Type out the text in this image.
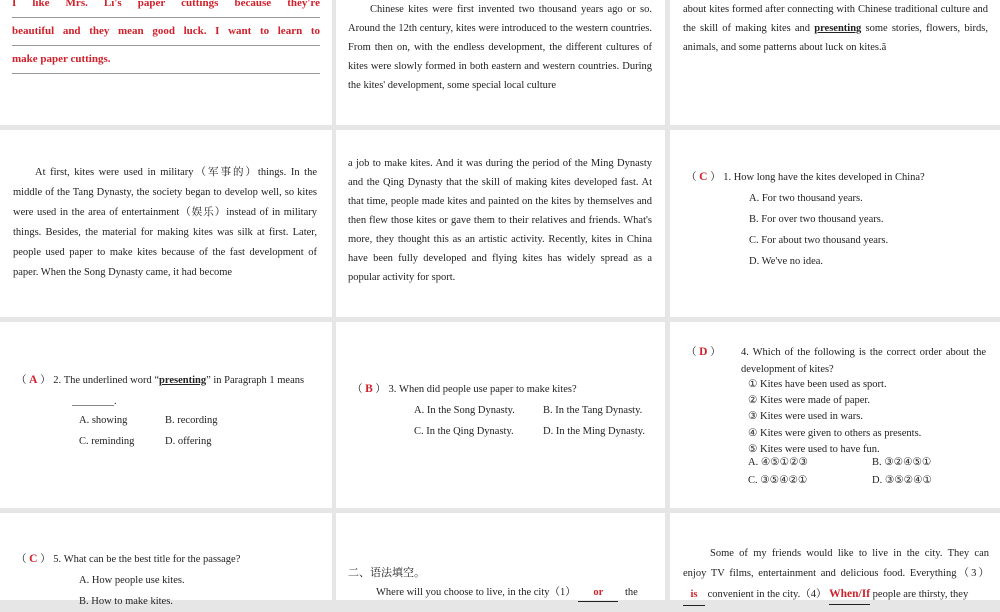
I like Mrs. Li's paper cuttings because they're
beautiful and they mean good luck. I want to learn to
make paper cuttings.

Chinese kites were first invented two thousand years ago or so. Around the 12th century, kites were introduced to the western countries. From then on, with the endless development, the different cultures of kites were slowly formed in both eastern and western countries. During the kites' development, some special local culture

about kites formed after connecting with Chinese traditional culture and the skill of making kites and presenting some stories, flowers, birds, animals, and some patterns about luck on kites.ã

At first, kites were used in military（军事的）things. In the middle of the Tang Dynasty, the society began to develop well, so kites were used in the area of entertainment（娱乐）instead of in military things. Besides, the material for making kites was silk at first. Later, people used paper to make kites because of the fast development of paper. When the Song Dynasty came, it had become

a job to make kites. And it was during the period of the Ming Dynasty and the Qing Dynasty that the skill of making kites developed fast. At that time, people made kites and painted on the kites by themselves and then flew those kites or gave them to their relatives and friends. What's more, they thought this as an artistic activity. Recently, kites in China have been fully developed and flying kites has widely spread as a popular activity for sport.

（ C ） 1. How long have the kites developed in China?
A. For two thousand years.
B. For over two thousand years.
C. For about two thousand years.
D. We've no idea.
（ A ） 2. The underlined word “presenting” in Paragraph 1 means
________.
A. showing	B. recording
C. reminding	D. offering
（ B ） 3. When did people use paper to make kites?
A. In the Song Dynasty.	B. In the Tang Dynasty.
C. In the Qing Dynasty.	D. In the Ming Dynasty.
（ D ）	4. Which of the following is the correct order about the development of kites?
① Kites have been used as sport.
② Kites were made of paper.
③ Kites were used in wars.
④ Kites were given to others as presents.
⑤ Kites were used to have fun.
A. ④⑤①②③	B. ③②④⑤①
C. ③⑤④②①	D. ③⑤②④①
（ C ） 5. What can be the best title for the passage?
A. How people use kites.
B. How to make kites.
二、语法填空。
Where will you choose to live, in the city（1） or the
Some of my friends would like to live in the city. They can
enjoy TV films, entertainment and delicious food. Everything（3）
is convenient in the city.（4） When/If people are thirsty, they
